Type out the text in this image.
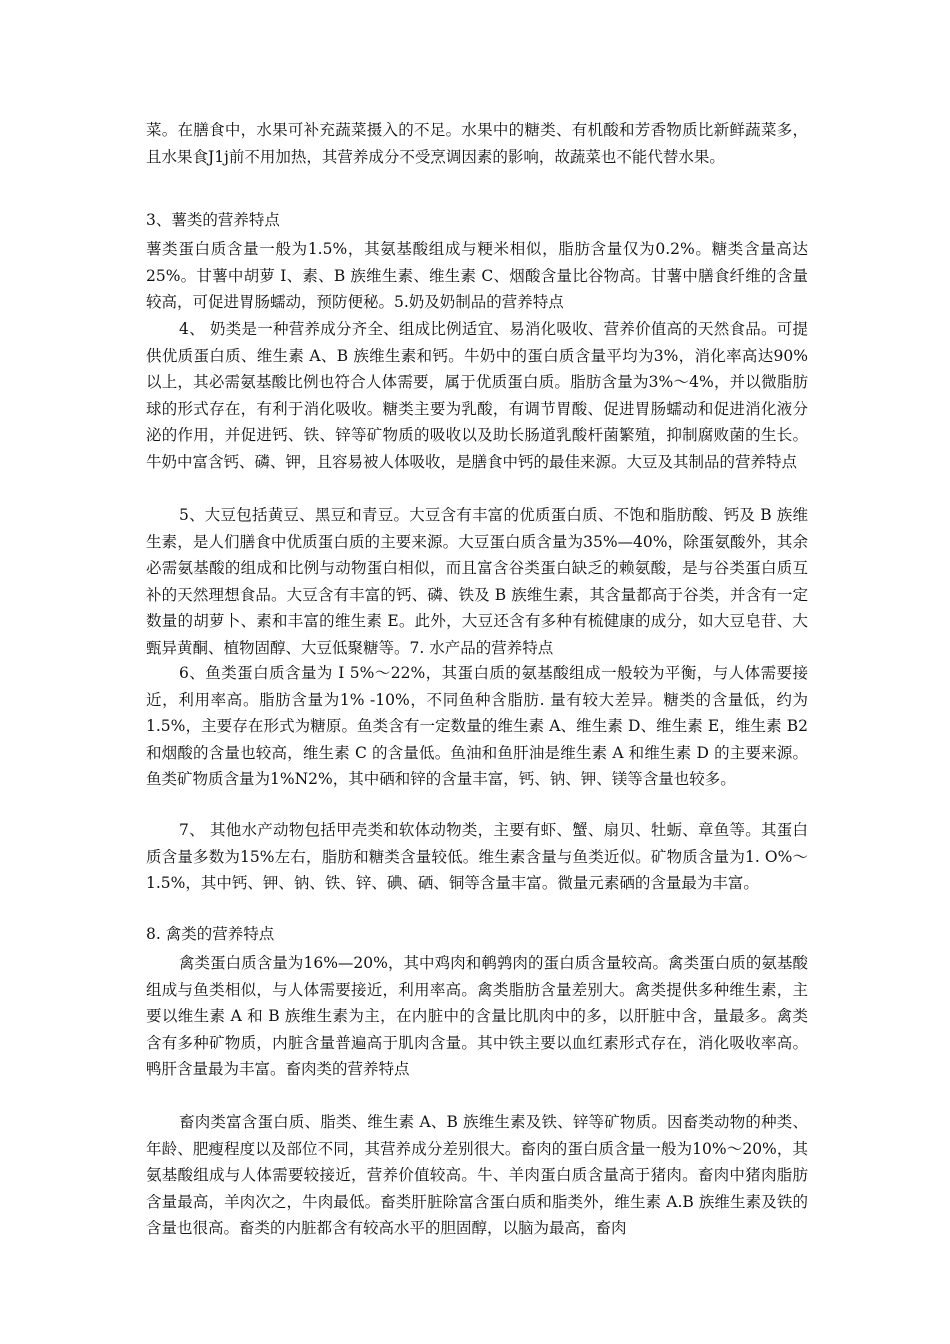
菜。在膳食中，水果可补充蔬菜摄入的不足。水果中的糖类、有机酸和芳香物质比新鲜蔬菜多，且水果食J1j前不用加热，其营养成分不受烹调因素的影响，故蔬菜也不能代替水果。

3、薯类的营养特点

薯类蛋白质含量一般为1.5%，其氨基酸组成与粳米相似，脂肪含量仅为0.2%。糖类含量高达25%。甘薯中胡萝 I、素、B 族维生素、维生素 C、烟酸含量比谷物高。甘薯中膳食纤维的含量较高，可促进胃肠蠕动，预防便秘。5.奶及奶制品的营养特点

4、 奶类是一种营养成分齐全、组成比例适宜、易消化吸收、营养价值高的天然食品。可提供优质蛋白质、维生素 A、B 族维生素和钙。牛奶中的蛋白质含量平均为3%，消化率高达90%以上，其必需氨基酸比例也符合人体需要，属于优质蛋白质。脂肪含量为3%～4%，并以微脂肪球的形式存在，有利于消化吸收。糖类主要为乳酸，有调节胃酸、促进胃肠蠕动和促进消化液分泌的作用，并促进钙、铁、锌等矿物质的吸收以及助长肠道乳酸杆菌繁殖，抑制腐败菌的生长。牛奶中富含钙、磷、钾，且容易被人体吸收，是膳食中钙的最佳来源。大豆及其制品的营养特点

5、大豆包括黄豆、黑豆和青豆。大豆含有丰富的优质蛋白质、不饱和脂肪酸、钙及 B 族维生素，是人们膳食中优质蛋白质的主要来源。大豆蛋白质含量为35%—40%，除蛋氨酸外，其余必需氨基酸的组成和比例与动物蛋白相似，而且富含谷类蛋白缺乏的赖氨酸，是与谷类蛋白质互补的天然理想食品。大豆含有丰富的钙、磷、铁及 B 族维生素，其含量都高于谷类，并含有一定数量的胡萝卜、素和丰富的维生素 E。此外，大豆还含有多种有梳健康的成分，如大豆皂苷、大甄异黄酮、植物固醇、大豆低聚糖等。7. 水产品的营养特点

6、鱼类蛋白质含量为 I 5%～22%，其蛋白质的氨基酸组成一般较为平衡，与人体需要接近，利用率高。脂肪含量为1% -10%，不同鱼种含脂肪. 量有较大差异。糖类的含量低，约为1.5%，主要存在形式为糖原。鱼类含有一定数量的维生素 A、维生素 D、维生素 E，维生素 B2和烟酸的含量也较高，维生素 C 的含量低。鱼油和鱼肝油是维生素 A 和维生素 D 的主要来源。鱼类矿物质含量为1%N2%，其中硒和锌的含量丰富，钙、钠、钾、镁等含量也较多。

7、 其他水产动物包括甲壳类和软体动物类，主要有虾、蟹、扇贝、牡蛎、章鱼等。其蛋白质含量多数为15%左右，脂肪和糖类含量较低。维生素含量与鱼类近似。矿物质含量为1. O%～1.5%，其中钙、钾、钠、铁、锌、碘、硒、铜等含量丰富。微量元素硒的含量最为丰富。

8. 禽类的营养特点

禽类蛋白质含量为16%—20%，其中鸡肉和鹌鹑肉的蛋白质含量较高。禽类蛋白质的氨基酸组成与鱼类相似，与人体需要接近，利用率高。禽类脂肪含量差别大。禽类提供多种维生素，主要以维生素 A 和 B 族维生素为主，在内脏中的含量比肌肉中的多，以肝脏中含，量最多。禽类含有多种矿物质，内脏含量普遍高于肌肉含量。其中铁主要以血红素形式存在，消化吸收率高。鸭肝含量最为丰富。畜肉类的营养特点

畜肉类富含蛋白质、脂类、维生素 A、B 族维生素及铁、锌等矿物质。因畜类动物的种类、年龄、肥瘦程度以及部位不同，其营养成分差别很大。畜肉的蛋白质含量一般为10%～20%，其氨基酸组成与人体需要较接近，营养价值较高。牛、羊肉蛋白质含量高于猪肉。畜肉中猪肉脂肪含量最高，羊肉次之，牛肉最低。畜类肝脏除富含蛋白质和脂类外，维生素 A.B 族维生素及铁的含量也很高。畜类的内脏都含有较高水平的胆固醇，以脑为最高，畜肉
